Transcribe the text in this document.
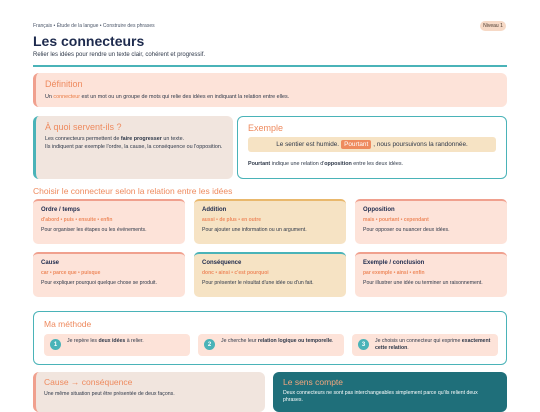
Français • Étude de la langue • Construire des phrases	Niveau 1
Les connecteurs
Relier les idées pour rendre un texte clair, cohérent et progressif.
Définition
Un connecteur est un mot ou un groupe de mots qui relie des idées en indiquant la relation entre elles.
À quoi servent-ils ?
Les connecteurs permettent de faire progresser un texte.
Ils indiquent par exemple l'ordre, la cause, la conséquence ou l'opposition.
Exemple
Le sentier est humide. Pourtant , nous poursuivons la randonnée.
Pourtant indique une relation d'opposition entre les deux idées.
Choisir le connecteur selon la relation entre les idées
Ordre / temps
d'abord • puis • ensuite • enfin
Pour organiser les étapes ou les événements.
Addition
aussi • de plus • en outre
Pour ajouter une information ou un argument.
Opposition
mais • pourtant • cependant
Pour opposer ou nuancer deux idées.
Cause
car • parce que • puisque
Pour expliquer pourquoi quelque chose se produit.
Conséquence
donc • ainsi • c'est pourquoi
Pour présenter le résultat d'une idée ou d'un fait.
Exemple / conclusion
par exemple • ainsi • enfin
Pour illustrer une idée ou terminer un raisonnement.
Ma méthode
1
Je repère les deux idées à relier.
2
Je cherche leur relation logique ou temporelle.
3
Je choisis un connecteur qui exprime exactement cette relation.
Cause → conséquence
Une même situation peut être présentée de deux façons.
Le sens compte
Deux connecteurs ne sont pas interchangeables simplement parce qu'ils relient deux phrases.
